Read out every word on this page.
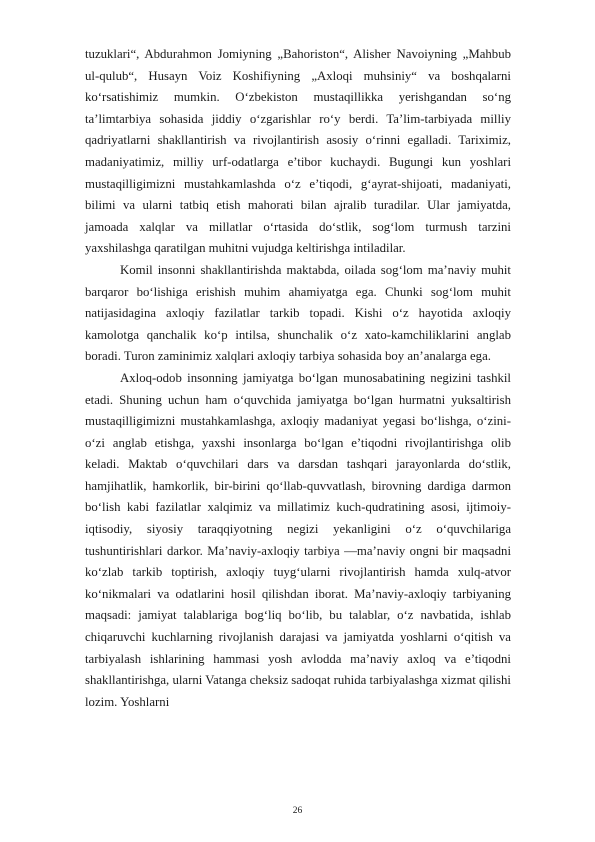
tuzuklari“, Abdurahmon Jomiyning „Bahoriston“, Alisher Navoiyning „Mahbub ul-qulub“, Husayn Voiz Koshifiyning „Axloqi muhsiniy“ va boshqalarni ko‘rsatishimiz mumkin. O‘zbekiston mustaqillikka yerishgandan so‘ng ta’limtarbiya sohasida jiddiy o‘zgarishlar ro‘y berdi. Ta’lim-tarbiyada milliy qadriyatlarni shakllantirish va rivojlantirish asosiy o‘rinni egalladi. Tariximiz, madaniyatimiz, milliy urf-odatlarga e’tibor kuchaydi. Bugungi kun yoshlari mustaqilligimizni mustahkamlashda o‘z e’tiqodi, g‘ayrat-shijoati, madaniyati, bilimi va ularni tatbiq etish mahorati bilan ajralib turadilar. Ular jamiyatda, jamoada xalqlar va millatlar o‘rtasida do‘stlik, sog‘lom turmush tarzini yaxshilashga qaratilgan muhitni vujudga keltirishga intiladilar.

Komil insonni shakllantirishda maktabda, oilada sog‘lom ma’naviy muhit barqaror bo‘lishiga erishish muhim ahamiyatga ega. Chunki sog‘lom muhit natijasidagina axloqiy fazilatlar tarkib topadi. Kishi o‘z hayotida axloqiy kamolotga qanchalik ko‘p intilsa, shunchalik o‘z xato-kamchiliklarini anglab boradi. Turon zaminimiz xalqlari axloqiy tarbiya sohasida boy an’analarga ega.

Axloq-odob insonning jamiyatga bo‘lgan munosabatining negizini tashkil etadi. Shuning uchun ham o‘quvchida jamiyatga bo‘lgan hurmatni yuksaltirish mustaqilligimizni mustahkamlashga, axloqiy madaniyat yegasi bo‘lishga, o‘zini-o‘zi anglab etishga, yaxshi insonlarga bo‘lgan e’tiqodni rivojlantirishga olib keladi. Maktab o‘quvchilari dars va darsdan tashqari jarayonlarda do‘stlik, hamjihatlik, hamkorlik, bir-birini qo‘llab-quvvatlash, birovning dardiga darmon bo‘lish kabi fazilatlar xalqimiz va millatimiz kuch-qudratining asosi, ijtimoiy-iqtisodiy, siyosiy taraqqiyotning negizi yekanligini o‘z o‘quvchilariga tushuntirishlari darkor. Ma’naviy-axloqiy tarbiya —ma’naviy ongni bir maqsadni ko‘zlab tarkib toptirish, axloqiy tuyg‘ularni rivojlantirish hamda xulq-atvor ko‘nikmalari va odatlarini hosil qilishdan iborat. Ma’naviy-axloqiy tarbiyaning maqsadi: jamiyat talablariga bog‘liq bo‘lib, bu talablar, o‘z navbatida, ishlab chiqaruvchi kuchlarning rivojlanish darajasi va jamiyatda yoshlarni o‘qitish va tarbiyalash ishlarining hammasi yosh avlodda ma’naviy axloq va e’tiqodni shakllantirishga, ularni Vatanga cheksiz sadoqat ruhida tarbiyalashga xizmat qilishi lozim. Yoshlarni

26
